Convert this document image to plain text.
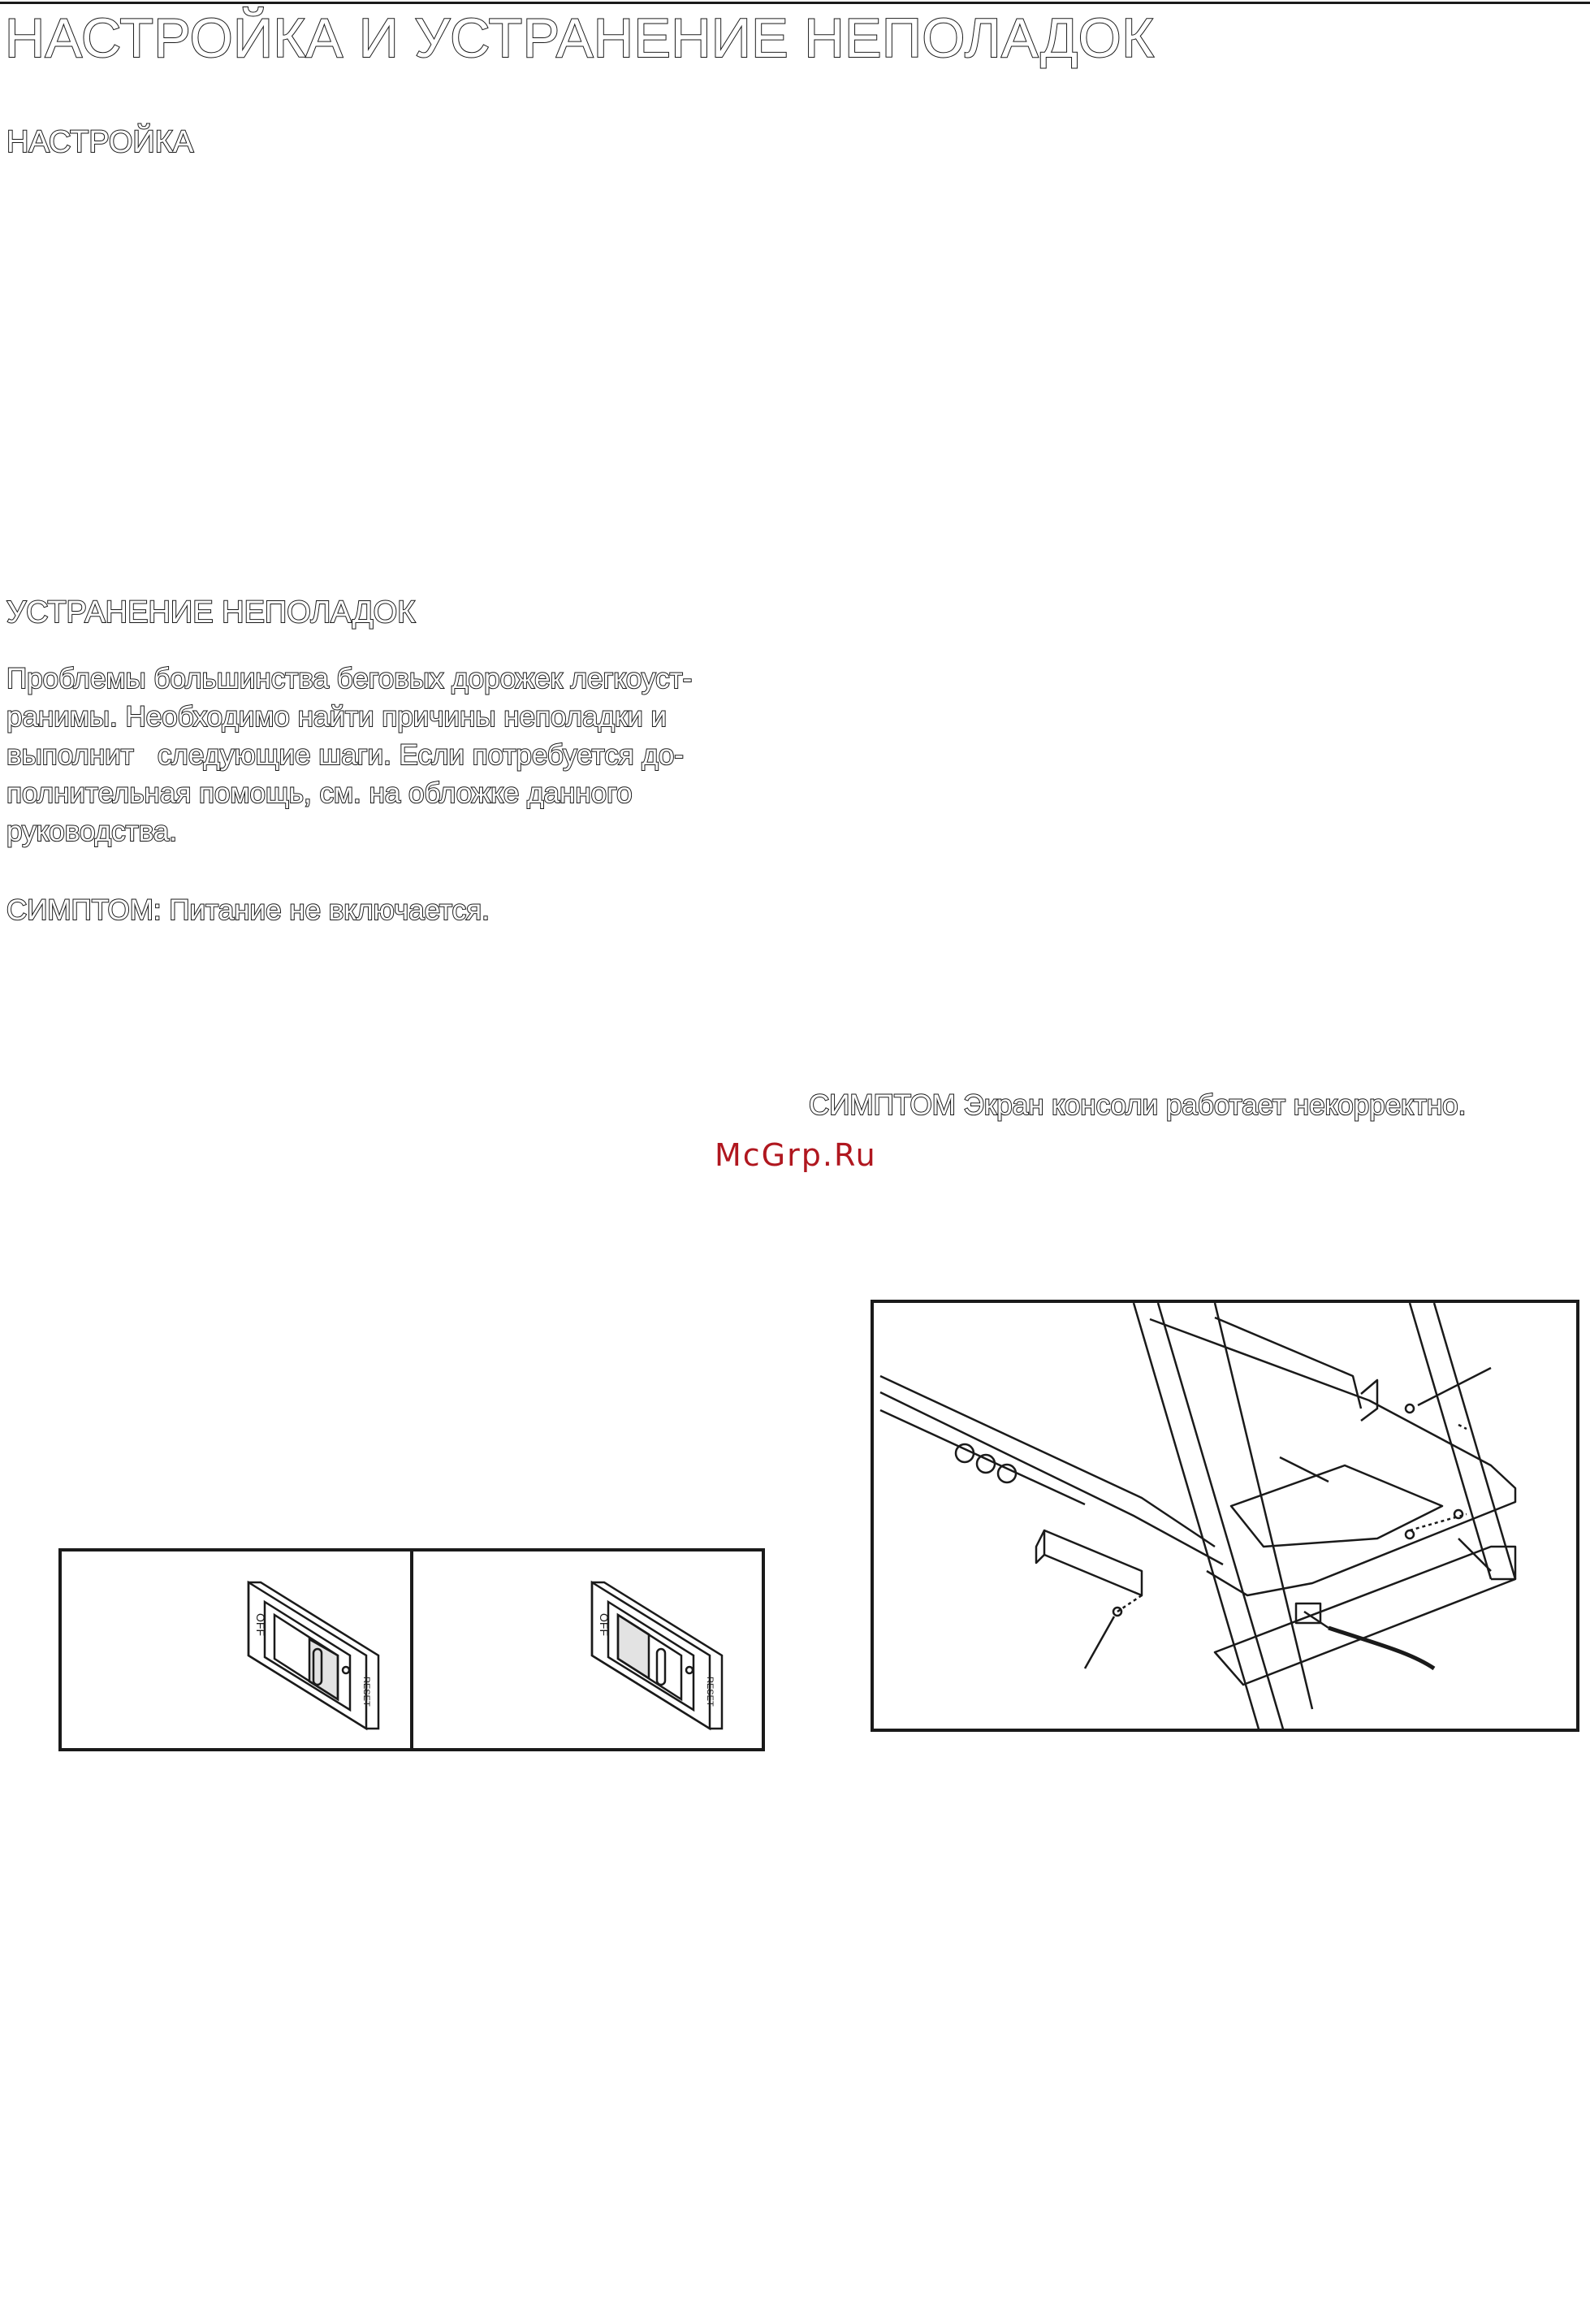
НАСТРОЙКА И УСТРАНЕНИЕ НЕПОЛАДОК
НАСТРОЙКА
УСТРАНЕНИЕ НЕПОЛАДОК

Проблемы большинства беговых дорожек легкоуст-
ранимы. Необходимо найти причины неполадки и
выполнит   следующие шаги. Если потребуется до-
полнительная помощь, см. на обложке данного
руководства.

СИМПТОМ: Питание не включается.

СИМПТОМ Экран консоли работает некорректно.

McGrp.Ru
OFF
RESET
OFF
RESET
